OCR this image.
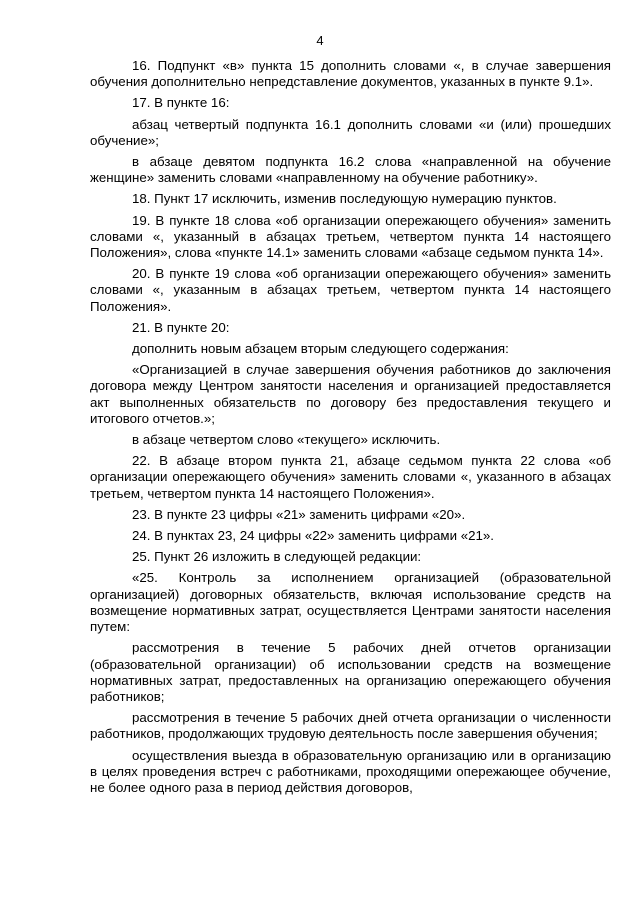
4

16. Подпункт «в» пункта 15 дополнить словами «, в случае завершения обучения дополнительно непредставление документов, указанных в пункте 9.1».

17. В пункте 16:

абзац четвертый подпункта 16.1 дополнить словами «и (или) прошедших обучение»;

в абзаце девятом подпункта 16.2 слова «направленной на обучение женщине» заменить словами «направленному на обучение работнику».

18. Пункт 17 исключить, изменив последующую нумерацию пунктов.

19. В пункте 18 слова «об организации опережающего обучения» заменить словами «, указанный в абзацах третьем, четвертом пункта 14 настоящего Положения», слова «пункте 14.1» заменить словами «абзаце седьмом пункта 14».

20. В пункте 19 слова «об организации опережающего обучения» заменить словами «, указанным в абзацах третьем, четвертом пункта 14 настоящего Положения».

21. В пункте 20:

дополнить новым абзацем вторым следующего содержания:

«Организацией в случае завершения обучения работников до заключения договора между Центром занятости населения и организацией предоставляется акт выполненных обязательств по договору без предоставления текущего и итогового отчетов.»;

в абзаце четвертом слово «текущего» исключить.

22. В абзаце втором пункта 21, абзаце седьмом пункта 22 слова «об организации опережающего обучения» заменить словами «, указанного в абзацах третьем, четвертом пункта 14 настоящего Положения».

23. В пункте 23 цифры «21» заменить цифрами «20».

24. В пунктах 23, 24 цифры «22» заменить цифрами «21».

25. Пункт 26 изложить в следующей редакции:

«25. Контроль за исполнением организацией (образовательной организацией) договорных обязательств, включая использование средств на возмещение нормативных затрат, осуществляется Центрами занятости населения путем:

рассмотрения в течение 5 рабочих дней отчетов организации (образовательной организации) об использовании средств на возмещение нормативных затрат, предоставленных на организацию опережающего обучения работников;

рассмотрения в течение 5 рабочих дней отчета организации о численности работников, продолжающих трудовую деятельность после завершения обучения;

осуществления выезда в образовательную организацию или в организацию в целях проведения встреч с работниками, проходящими опережающее обучение, не более одного раза в период действия договоров,
